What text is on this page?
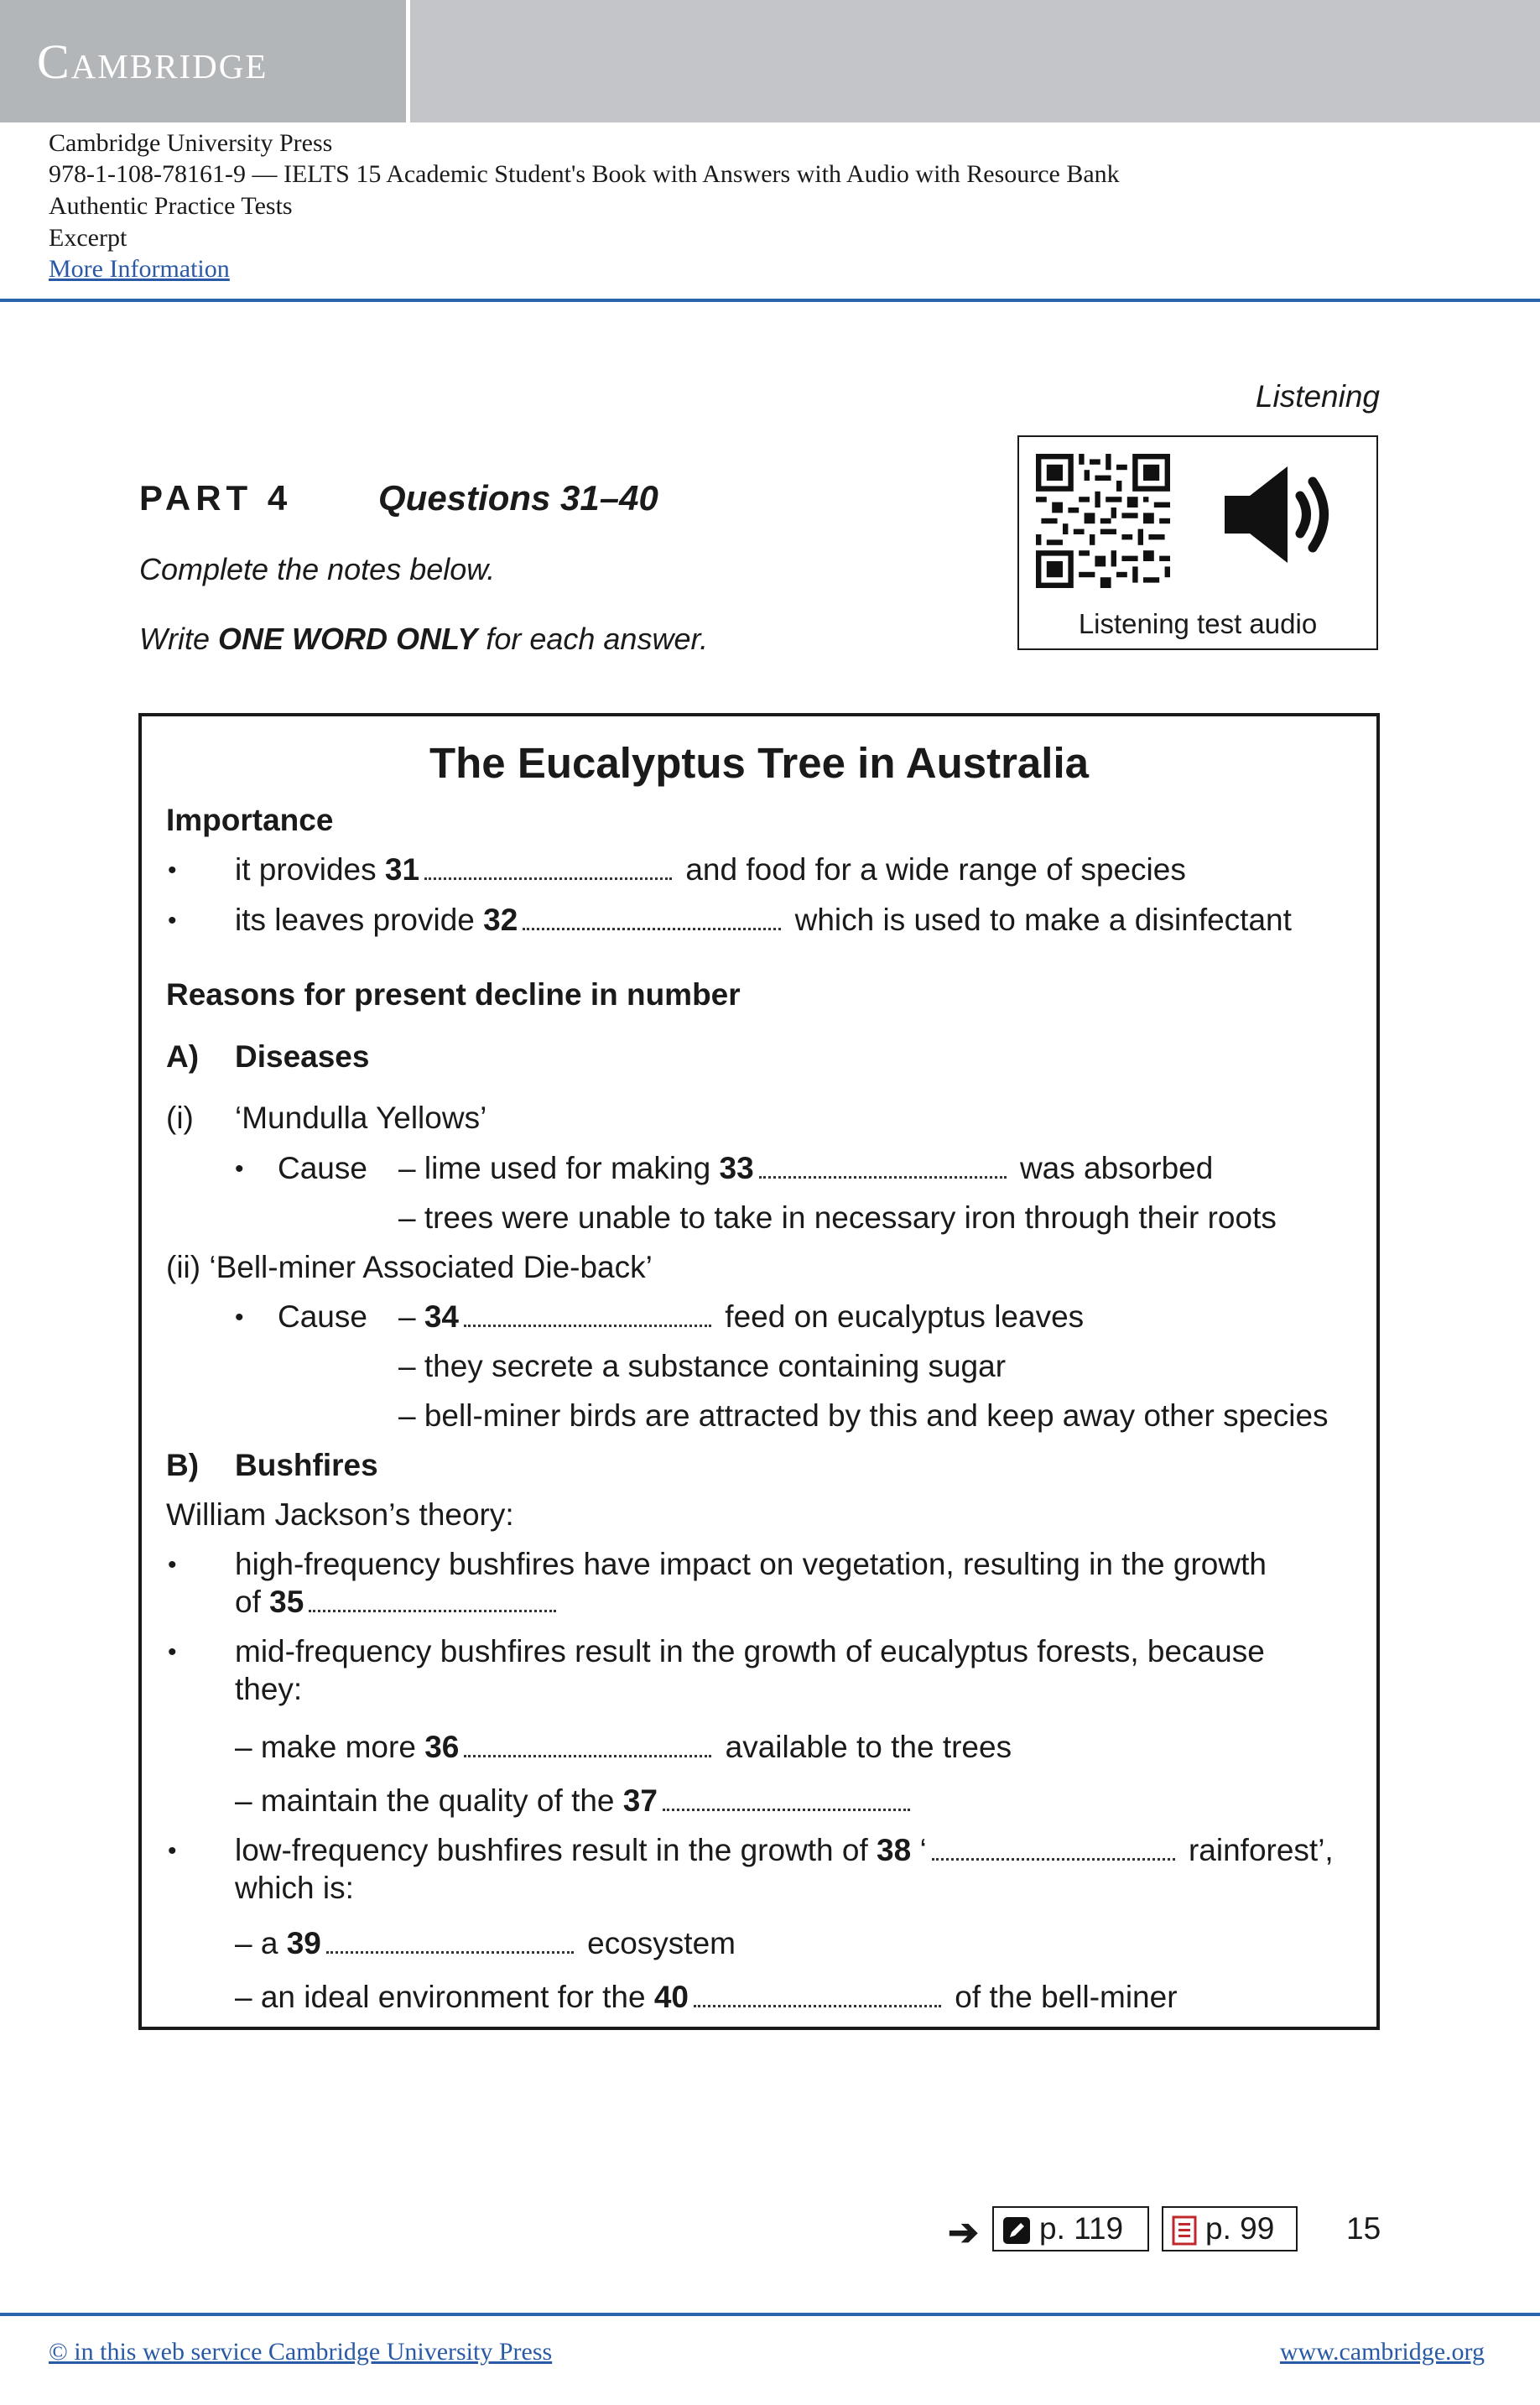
Cambridge
Cambridge University Press
978-1-108-78161-9 — IELTS 15 Academic Student's Book with Answers with Audio with Resource Bank
Authentic Practice Tests
Excerpt
More Information
Listening
PART 4 Questions 31–40
Complete the notes below.
Write ONE WORD ONLY for each answer.	Listening test audio
The Eucalyptus Tree in Australia
Importance
• it provides 31	and food for a wide range of species
• its leaves provide 32	which is used to make a disinfectant
Reasons for present decline in number
A) Diseases
(i) ‘Mundulla Yellows’
• Cause – lime used for making 33	was absorbed
– trees were unable to take in necessary iron through their roots
(ii) ‘Bell-miner Associated Die-back’
• Cause – 34	feed on eucalyptus leaves
– they secrete a substance containing sugar
– bell-miner birds are attracted by this and keep away other species
B) Bushfires
William Jackson’s theory:
• high-frequency bushfires have impact on vegetation, resulting in the growth
of 35
• mid-frequency bushfires result in the growth of eucalyptus forests, because
they:
– make more 36	available to the trees
– maintain the quality of the 37
• low-frequency bushfires result in the growth of 38 ‘	rainforest’,
which is:
– a 39	ecosystem
– an ideal environment for the 40	of the bell-miner
➔	p. 119	p. 99	15
© in this web service Cambridge University Press	www.cambridge.org
